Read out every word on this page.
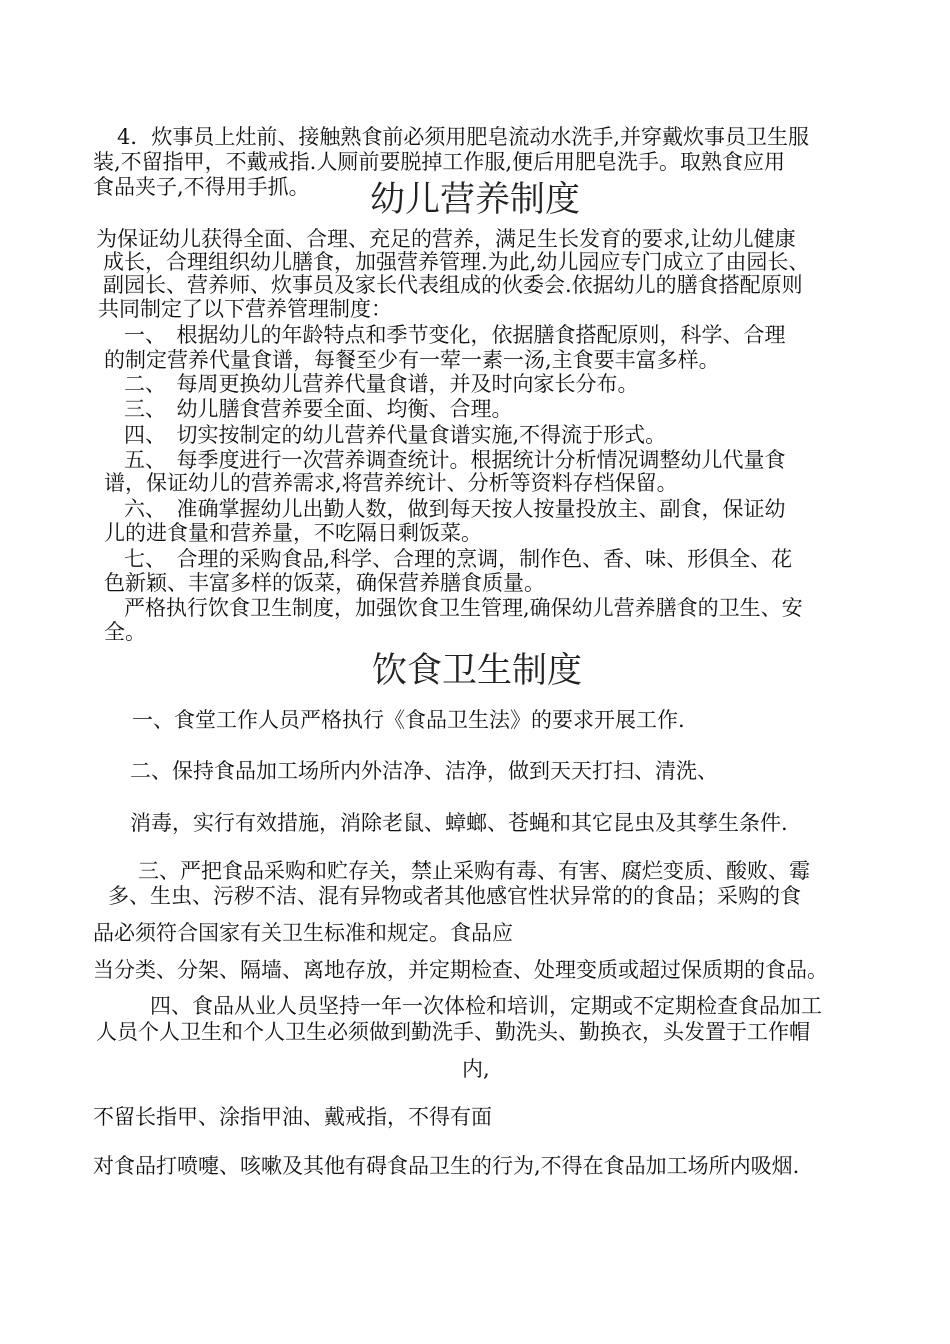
4．炊事员上灶前、接触熟食前必须用肥皂流动水洗手,并穿戴炊事员卫生服

装,不留指甲，不戴戒指.人厕前要脱掉工作服,便后用肥皂洗手。取熟食应用

食品夹子,不得用手抓。 幼儿营养制度

为保证幼儿获得全面、合理、充足的营养，满足生长发育的要求,让幼儿健康

成长，合理组织幼儿膳食，加强营养管理.为此,幼儿园应专门成立了由园长、

副园长、营养师、炊事员及家长代表组成的伙委会.依据幼儿的膳食搭配原则

共同制定了以下营养管理制度：

一、　根据幼儿的年龄特点和季节变化，依据膳食搭配原则，科学、合理

的制定营养代量食谱，每餐至少有一荤一素一汤,主食要丰富多样。

二、　每周更换幼儿营养代量食谱，并及时向家长分布。

三、　幼儿膳食营养要全面、均衡、合理。

四、　切实按制定的幼儿营养代量食谱实施,不得流于形式。

五、　每季度进行一次营养调查统计。根据统计分析情况调整幼儿代量食

谱，保证幼儿的营养需求,将营养统计、分析等资料存档保留。

六、　准确掌握幼儿出勤人数，做到每天按人按量投放主、副食，保证幼

儿的进食量和营养量，不吃隔日剩饭菜。

七、　合理的采购食品,科学、合理的烹调，制作色、香、味、形俱全、花

色新颖、丰富多样的饭菜，确保营养膳食质量。

严格执行饮食卫生制度，加强饮食卫生管理,确保幼儿营养膳食的卫生、安

全。

饮食卫生制度

一、食堂工作人员严格执行《食品卫生法》的要求开展工作.

二、保持食品加工场所内外洁净、洁净，做到天天打扫、清洗、

消毒，实行有效措施，消除老鼠、蟑螂、苍蝇和其它昆虫及其孳生条件.

三、严把食品采购和贮存关，禁止采购有毒、有害、腐烂变质、酸败、霉

多、生虫、污秽不洁、混有异物或者其他感官性状异常的的食品；采购的食

品必须符合国家有关卫生标准和规定。食品应

当分类、分架、隔墙、离地存放，并定期检查、处理变质或超过保质期的食品。

四、食品从业人员坚持一年一次体检和培训，定期或不定期检查食品加工

人员个人卫生和个人卫生必须做到勤洗手、勤洗头、勤换衣，头发置于工作帽

内,

不留长指甲、涂指甲油、戴戒指，不得有面

对食品打喷嚏、咳嗽及其他有碍食品卫生的行为,不得在食品加工场所内吸烟.
